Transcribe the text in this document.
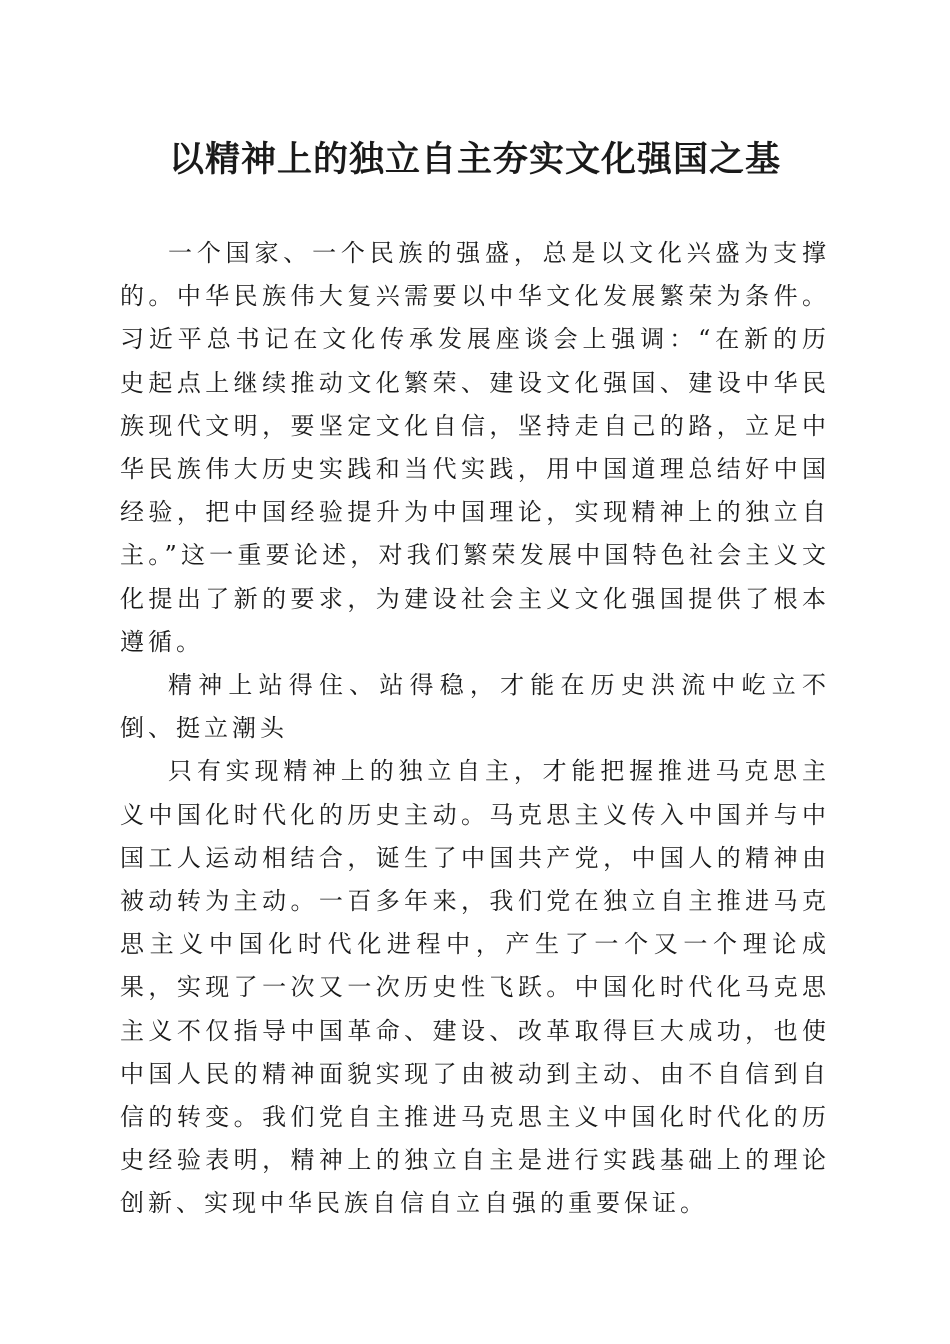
以精神上的独立自主夯实文化强国之基

一个国家、一个民族的强盛，总是以文化兴盛为支撑的。中华民族伟大复兴需要以中华文化发展繁荣为条件。习近平总书记在文化传承发展座谈会上强调：“在新的历史起点上继续推动文化繁荣、建设文化强国、建设中华民族现代文明，要坚定文化自信，坚持走自己的路，立足中华民族伟大历史实践和当代实践，用中国道理总结好中国经验，把中国经验提升为中国理论，实现精神上的独立自主。”这一重要论述，对我们繁荣发展中国特色社会主义文化提出了新的要求，为建设社会主义文化强国提供了根本遵循。

精神上站得住、站得稳，才能在历史洪流中屹立不倒、挺立潮头

只有实现精神上的独立自主，才能把握推进马克思主义中国化时代化的历史主动。马克思主义传入中国并与中国工人运动相结合，诞生了中国共产党，中国人的精神由被动转为主动。一百多年来，我们党在独立自主推进马克思主义中国化时代化进程中，产生了一个又一个理论成果，实现了一次又一次历史性飞跃。中国化时代化马克思主义不仅指导中国革命、建设、改革取得巨大成功，也使中国人民的精神面貌实现了由被动到主动、由不自信到自信的转变。我们党自主推进马克思主义中国化时代化的历史经验表明，精神上的独立自主是进行实践基础上的理论创新、实现中华民族自信自立自强的重要保证。
